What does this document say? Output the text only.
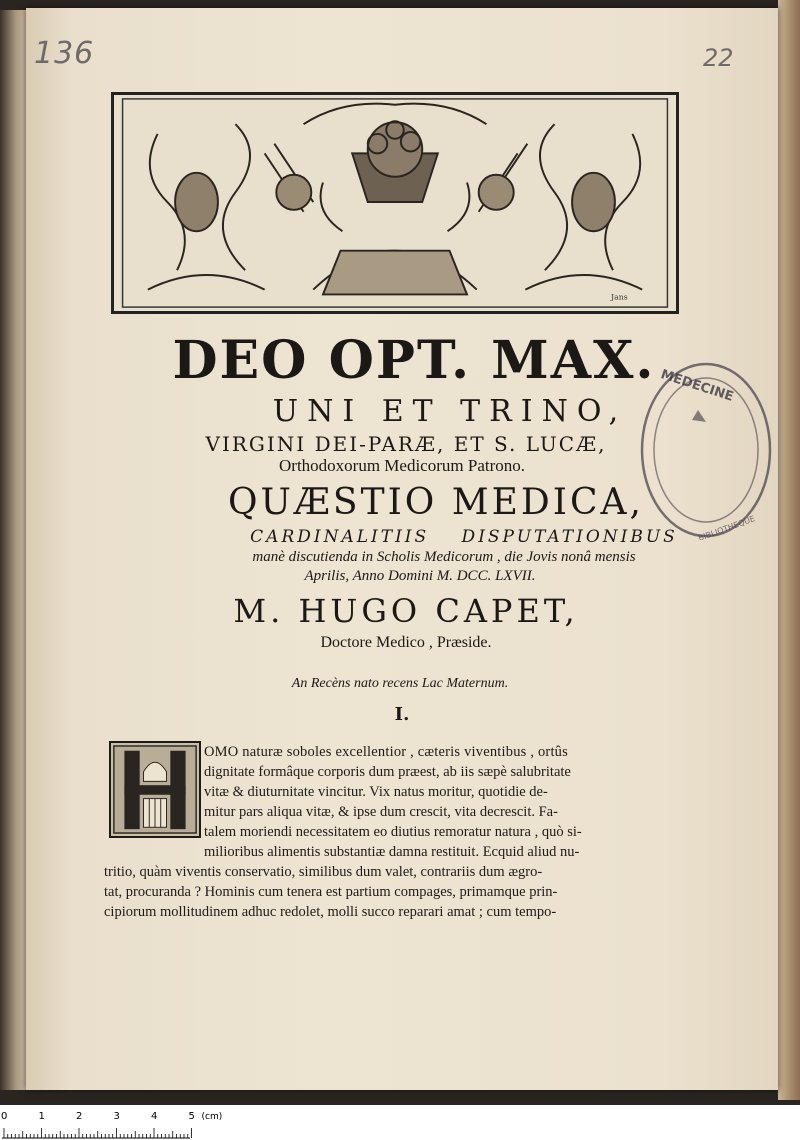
136	22
Jans
MEDECINE
BIBLIOTHEQUE
DEO OPT. MAX.
UNI ET TRINO,
VIRGINI DEI-PARÆ, ET S. LUCÆ,
Orthodoxorum Medicorum Patrono.
QUÆSTIO MEDICA,
CARDINALITIIS DISPUTATIONIBUS
manè discutienda in Scholis Medicorum , die Jovis nonâ mensis
Aprilis, Anno Domini M. DCC. LXVII.
M. HUGO CAPET,
Doctore Medico , Præside.
An Recèns nato recens Lac Maternum.
I.
OMO naturæ soboles excellentior , cæteris viventibus , ortûs
dignitate formâque corporis dum præest, ab iis sæpè salubritate
vitæ & diuturnitate vincitur. Vix natus moritur, quotidie de-
mitur pars aliqua vitæ, & ipse dum crescit, vita decrescit. Fa-
talem moriendi necessitatem eo diutius remoratur natura , quò si-
milioribus alimentis substantiæ damna restituit. Ecquid aliud nu-
tritio, quàm viventis conservatio, similibus dum valet, contrariis dum ægro-
tat, procuranda ? Hominis cum tenera est partium compages, primamque prin-
cipiorum mollitudinem adhuc redolet, molli succo reparari amat ; cum tempo-
0	1	2	3	4	5 (cm)
